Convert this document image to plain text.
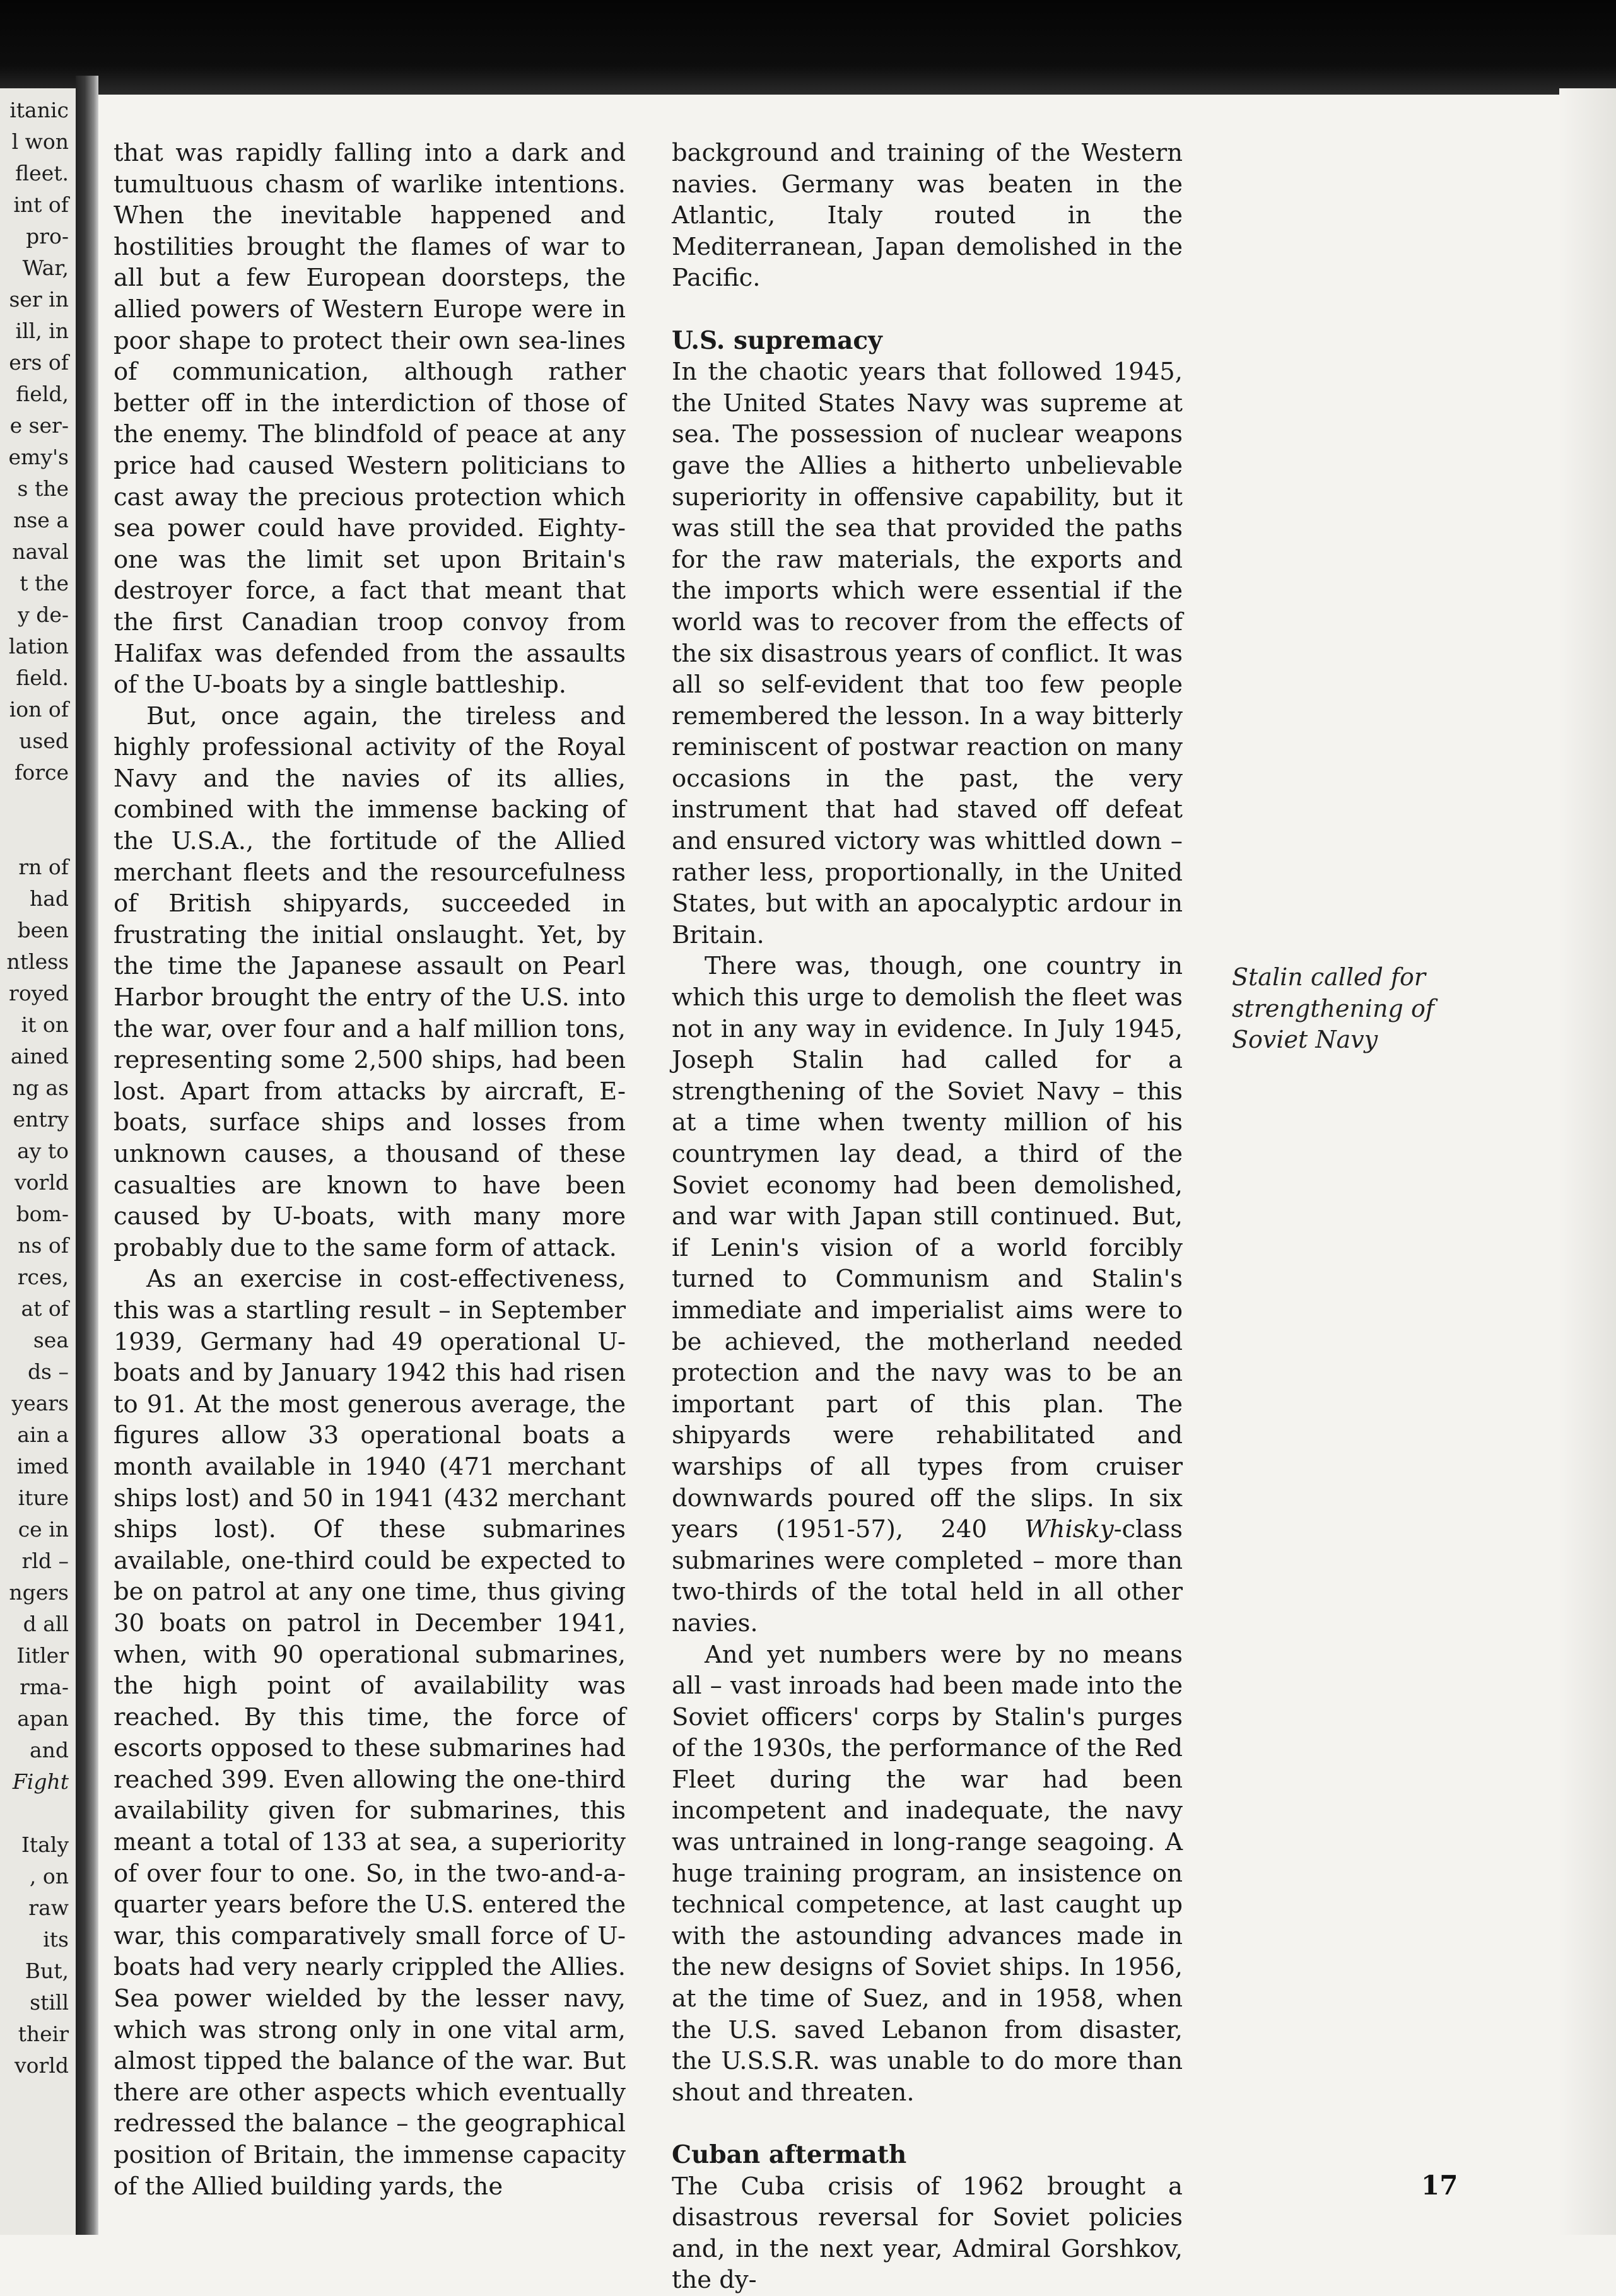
itanic
l won
fleet.
int of
pro-
War,
ser in
ill, in
ers of
field,
e ser-
emy's
s the
nse a
naval
t the
y de-
lation
field.
ion of
used
force
rn of
had
been
ntless
royed
it on
ained
ng as
entry
ay to
vorld
bom-
ns of
rces,
at of
sea
ds –
years
ain a
imed
iture
ce in
rld –
ngers
d all
Iitler
rma-
apan
and
Fight
Italy
, on
raw
its
But,
still
their
vorld

that was rapidly falling into a dark and tumultuous chasm of warlike intentions. When the inevitable happened and hostilities brought the flames of war to all but a few European doorsteps, the allied powers of Western Europe were in poor shape to protect their own sea-lines of communication, although rather better off in the interdiction of those of the enemy. The blindfold of peace at any price had caused Western politicians to cast away the precious protection which sea power could have provided. Eighty-one was the limit set upon Britain's destroyer force, a fact that meant that the first Canadian troop convoy from Halifax was defended from the assaults of the U-boats by a single battleship.

But, once again, the tireless and highly professional activity of the Royal Navy and the navies of its allies, combined with the immense backing of the U.S.A., the fortitude of the Allied merchant fleets and the resourcefulness of British shipyards, succeeded in frustrating the initial onslaught. Yet, by the time the Japanese assault on Pearl Harbor brought the entry of the U.S. into the war, over four and a half million tons, representing some 2,500 ships, had been lost. Apart from attacks by aircraft, E-boats, surface ships and losses from unknown causes, a thousand of these casualties are known to have been caused by U-boats, with many more probably due to the same form of attack.

As an exercise in cost-effectiveness, this was a startling result – in September 1939, Germany had 49 operational U-boats and by January 1942 this had risen to 91. At the most generous average, the figures allow 33 operational boats a month available in 1940 (471 merchant ships lost) and 50 in 1941 (432 merchant ships lost). Of these submarines available, one-third could be expected to be on patrol at any one time, thus giving 30 boats on patrol in December 1941, when, with 90 operational submarines, the high point of availability was reached. By this time, the force of escorts opposed to these submarines had reached 399. Even allowing the one-third availability given for submarines, this meant a total of 133 at sea, a superiority of over four to one. So, in the two-and-a-quarter years before the U.S. entered the war, this comparatively small force of U-boats had very nearly crippled the Allies. Sea power wielded by the lesser navy, which was strong only in one vital arm, almost tipped the balance of the war. But there are other aspects which eventually redressed the balance – the geographical position of Britain, the immense capacity of the Allied building yards, the

background and training of the Western navies. Germany was beaten in the Atlantic, Italy routed in the Mediterranean, Japan demolished in the Pacific.

U.S. supremacy

In the chaotic years that followed 1945, the United States Navy was supreme at sea. The possession of nuclear weapons gave the Allies a hitherto unbelievable superiority in offensive capability, but it was still the sea that provided the paths for the raw materials, the exports and the imports which were essential if the world was to recover from the effects of the six disastrous years of conflict. It was all so self-evident that too few people remembered the lesson. In a way bitterly reminiscent of postwar reaction on many occasions in the past, the very instrument that had staved off defeat and ensured victory was whittled down – rather less, proportionally, in the United States, but with an apocalyptic ardour in Britain.

There was, though, one country in which this urge to demolish the fleet was not in any way in evidence. In July 1945, Joseph Stalin had called for a strengthening of the Soviet Navy – this at a time when twenty million of his countrymen lay dead, a third of the Soviet economy had been demolished, and war with Japan still continued. But, if Lenin's vision of a world forcibly turned to Communism and Stalin's immediate and imperialist aims were to be achieved, the motherland needed protection and the navy was to be an important part of this plan. The shipyards were rehabilitated and warships of all types from cruiser downwards poured off the slips. In six years (1951-57), 240 Whisky-class submarines were completed – more than two-thirds of the total held in all other navies.

And yet numbers were by no means all – vast inroads had been made into the Soviet officers' corps by Stalin's purges of the 1930s, the performance of the Red Fleet during the war had been incompetent and inadequate, the navy was untrained in long-range seagoing. A huge training program, an insistence on technical competence, at last caught up with the astounding advances made in the new designs of Soviet ships. In 1956, at the time of Suez, and in 1958, when the U.S. saved Lebanon from disaster, the U.S.S.R. was unable to do more than shout and threaten.

Cuban aftermath

The Cuba crisis of 1962 brought a disastrous reversal for Soviet policies and, in the next year, Admiral Gorshkov, the dy-

Stalin called for strengthening of Soviet Navy
17
